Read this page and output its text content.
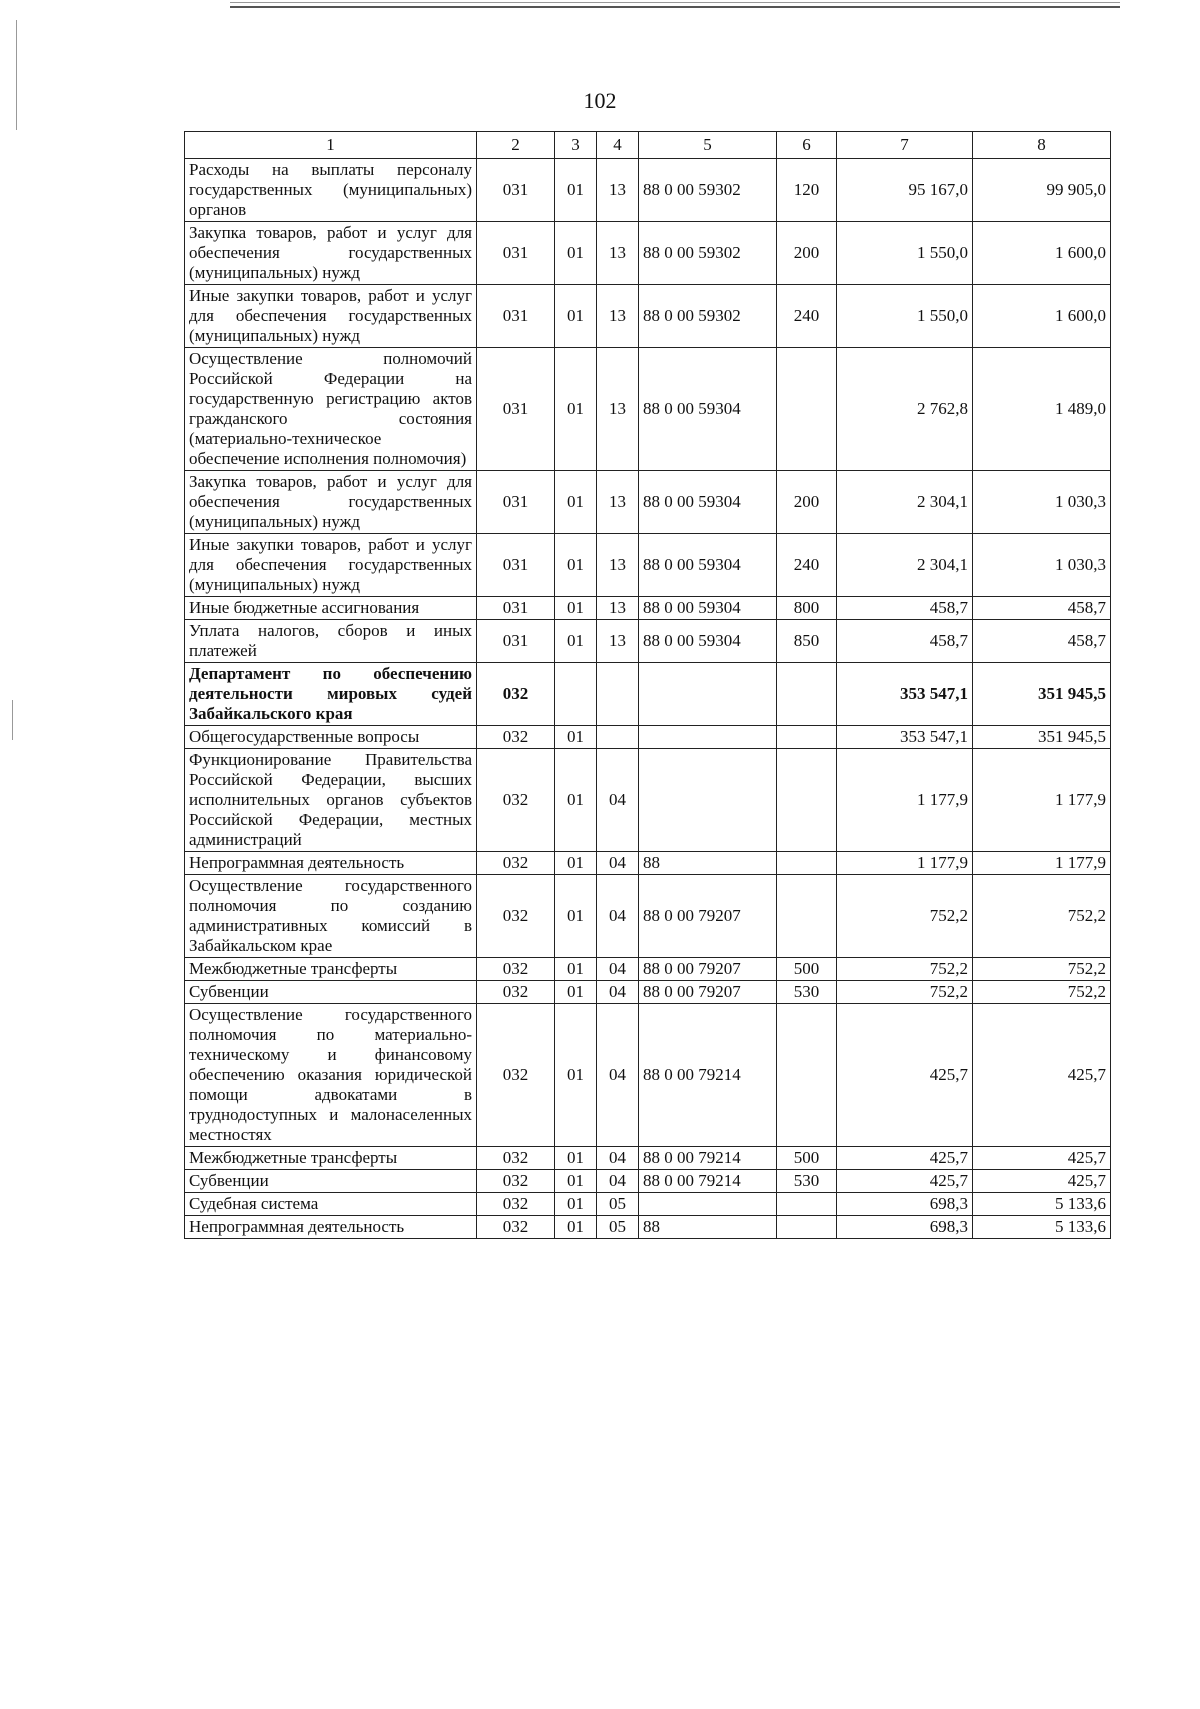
102
1	2	3	4	5	6	7	8
Расходы на выплаты персоналу государственных (муниципальных) органов	031	01	13	88 0 00 59302	120	95 167,0	99 905,0
Закупка товаров, работ и услуг для обеспечения государственных (муниципальных) нужд	031	01	13	88 0 00 59302	200	1 550,0	1 600,0
Иные закупки товаров, работ и услуг для обеспечения государственных (муниципальных) нужд	031	01	13	88 0 00 59302	240	1 550,0	1 600,0
Осуществление полномочий Российской Федерации на государственную регистрацию актов гражданского состояния (материально-техническое обеспечение исполнения полномочия)	031	01	13	88 0 00 59304		2 762,8	1 489,0
Закупка товаров, работ и услуг для обеспечения государственных (муниципальных) нужд	031	01	13	88 0 00 59304	200	2 304,1	1 030,3
Иные закупки товаров, работ и услуг для обеспечения государственных (муниципальных) нужд	031	01	13	88 0 00 59304	240	2 304,1	1 030,3
Иные бюджетные ассигнования	031	01	13	88 0 00 59304	800	458,7	458,7
Уплата налогов, сборов и иных платежей	031	01	13	88 0 00 59304	850	458,7	458,7
Департамент по обеспечению деятельности мировых судей Забайкальского края	032					353 547,1	351 945,5
Общегосударственные вопросы	032	01				353 547,1	351 945,5
Функционирование Правительства Российской Федерации, высших исполнительных органов субъектов Российской Федерации, местных администраций	032	01	04			1 177,9	1 177,9
Непрограммная деятельность	032	01	04	88		1 177,9	1 177,9
Осуществление государственного полномочия по созданию административных комиссий в Забайкальском крае	032	01	04	88 0 00 79207		752,2	752,2
Межбюджетные трансферты	032	01	04	88 0 00 79207	500	752,2	752,2
Субвенции	032	01	04	88 0 00 79207	530	752,2	752,2
Осуществление государственного полномочия по материально-техническому и финансовому обеспечению оказания юридической помощи адвокатами в труднодоступных и малонаселенных местностях	032	01	04	88 0 00 79214		425,7	425,7
Межбюджетные трансферты	032	01	04	88 0 00 79214	500	425,7	425,7
Субвенции	032	01	04	88 0 00 79214	530	425,7	425,7
Судебная система	032	01	05			698,3	5 133,6
Непрограммная деятельность	032	01	05	88		698,3	5 133,6
